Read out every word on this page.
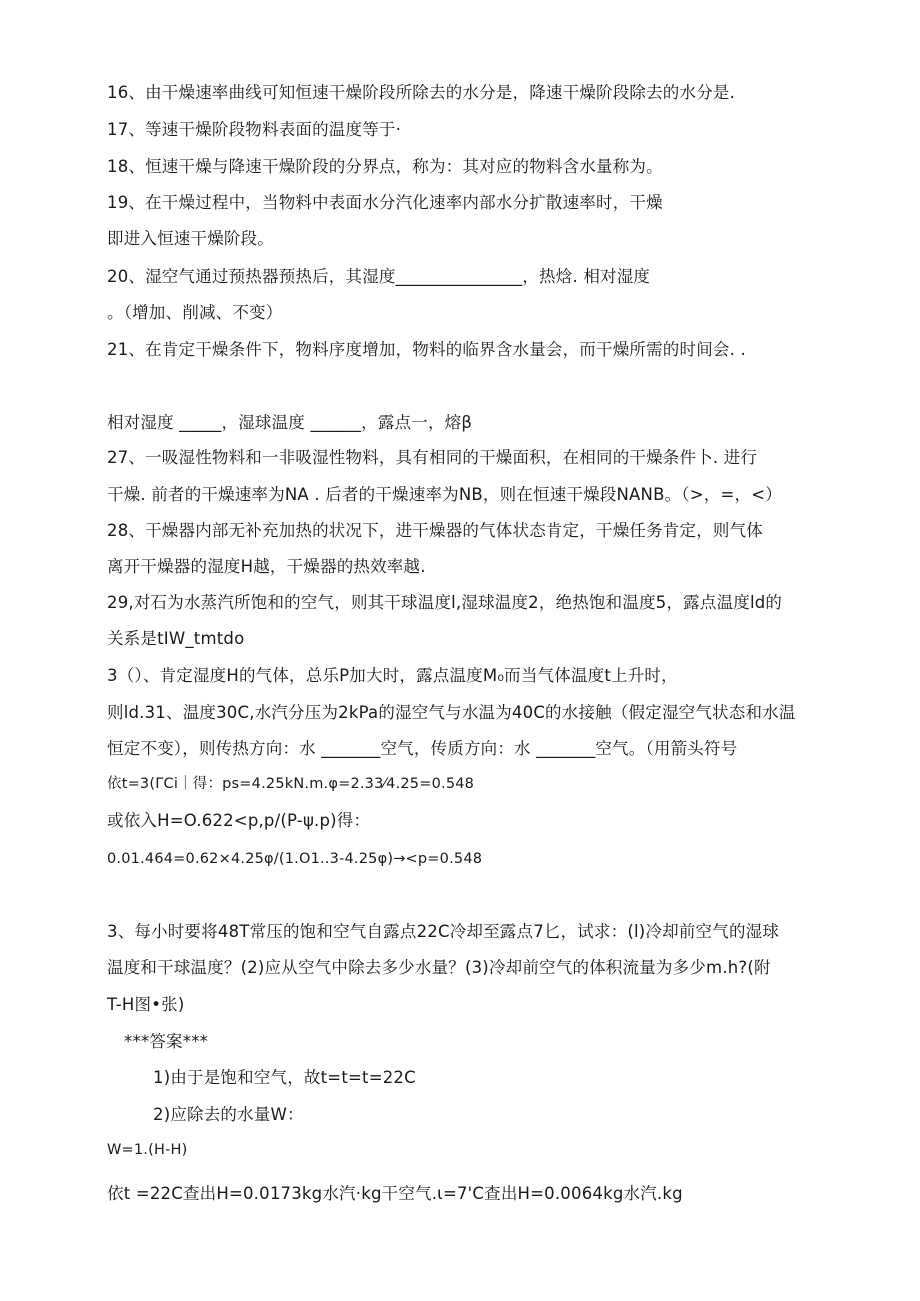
16、由干燥速率曲线可知恒速干燥阶段所除去的水分是，降速干燥阶段除去的水分是.
17、等速干燥阶段物料表面的温度等于·
18、恒速干燥与降速干燥阶段的分界点，称为：其对应的物料含水量称为。
19、在干燥过程中，当物料中表面水分汽化速率内部水分扩散速率时，干燥
即进入恒速干燥阶段。
20、湿空气通过预热器预热后，其湿度_______________，热焓. 相对湿度
。（增加、削减、不变）
21、在肯定干燥条件下，物料序度增加，物料的临界含水量会，而干燥所需的时间会. .
相对湿度 _____，湿球温度 ______，露点一，熔β
27、一吸湿性物料和一非吸湿性物料，具有相同的干燥面积，在相同的干燥条件卜. 进行
干燥. 前者的干燥速率为NA . 后者的干燥速率为NB，则在恒速干燥段NANB。（>，=，<）
28、干燥器内部无补充加热的状况下，进干燥器的气体状态肯定，干燥任务肯定，则气体
离开干燥器的湿度H越，干燥器的热效率越.
29,对石为水蒸汽所饱和的空气，则其干球温度l,湿球温度2，绝热饱和温度5，露点温度ld的
关系是tIW_tmtdo
3（）、肯定湿度H的气体，总乐P加大时，露点温度M₀而当气体温度t上升时，
则ld.31、温度30C,水汽分压为2kPa的湿空气与水温为40C的水接触（假定湿空气状态和水温
恒定不变），则传热方向：水 _______空气，传质方向：水 _______空气。（用箭头符号
依t=3(ΓCi｜得：ps=4.25kN.m.φ=2.33⁄4.25=0.548
或依入H=O.622<p,p/(P-ψ.p)得：
0.01.464=0.62×4.25φ/(1.O1..3-4.25φ)→<p=0.548
3、每小时要将48T常压的饱和空气自露点22C冷却至露点7匕，试求：(l)冷却前空气的湿球
温度和干球温度？(2)应从空气中除去多少水量？(3)冷却前空气的体积流量为多少m.h?(附
T-H图•张)
***答案***
1)由于是饱和空气，故t=t=t=22C
2)应除去的水量W：
W=1.(H-H)
依t =22C查出H=0.0173kg水汽·kg干空气.ι=7'C查出H=0.0064kg水汽.kg
